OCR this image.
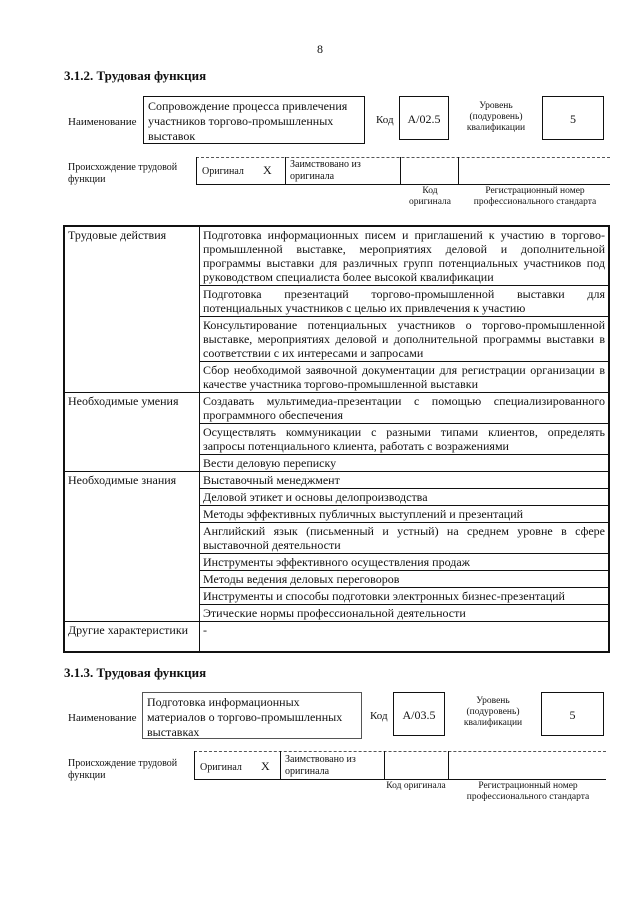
8
3.1.2. Трудовая функция
Наименование
Сопровождение процесса привлечения участников торгово-промышленных выставок
Код	A/02.5
Уровень (подуровень) квалификации
5
Происхождение трудовой функции
Оригинал X Заимствовано из оригинала
Код оригинала
Регистрационный номер профессионального стандарта
Трудовые действия	Подготовка информационных писем и приглашений к участию в торгово-промышленной выставке, мероприятиях деловой и дополнительной программы выставки для различных групп потенциальных участников под руководством специалиста более высокой квалификации
	Подготовка презентаций торгово-промышленной выставки для потенциальных участников с целью их привлечения к участию
	Консультирование потенциальных участников о торгово-промышленной выставке, мероприятиях деловой и дополнительной программы выставки в соответствии с их интересами и запросами
	Сбор необходимой заявочной документации для регистрации организации в качестве участника торгово-промышленной выставки
Необходимые умения	Создавать мультимедиа-презентации с помощью специализированного программного обеспечения
	Осуществлять коммуникации с разными типами клиентов, определять запросы потенциального клиента, работать с возражениями
	Вести деловую переписку
Необходимые знания	Выставочный менеджмент
	Деловой этикет и основы делопроизводства
	Методы эффективных публичных выступлений и презентаций
	Английский язык (письменный и устный) на среднем уровне в сфере выставочной деятельности
	Инструменты эффективного осуществления продаж
	Методы ведения деловых переговоров
	Инструменты и способы подготовки электронных бизнес-презентаций
	Этические нормы профессиональной деятельности
Другие характеристики	-
3.1.3. Трудовая функция
Наименование
Подготовка информационных материалов о торгово-промышленных выставках
Код	A/03.5
Уровень (подуровень) квалификации
5
Происхождение трудовой функции
Оригинал X Заимствовано из оригинала
Код оригинала	Регистрационный номер профессионального стандарта
